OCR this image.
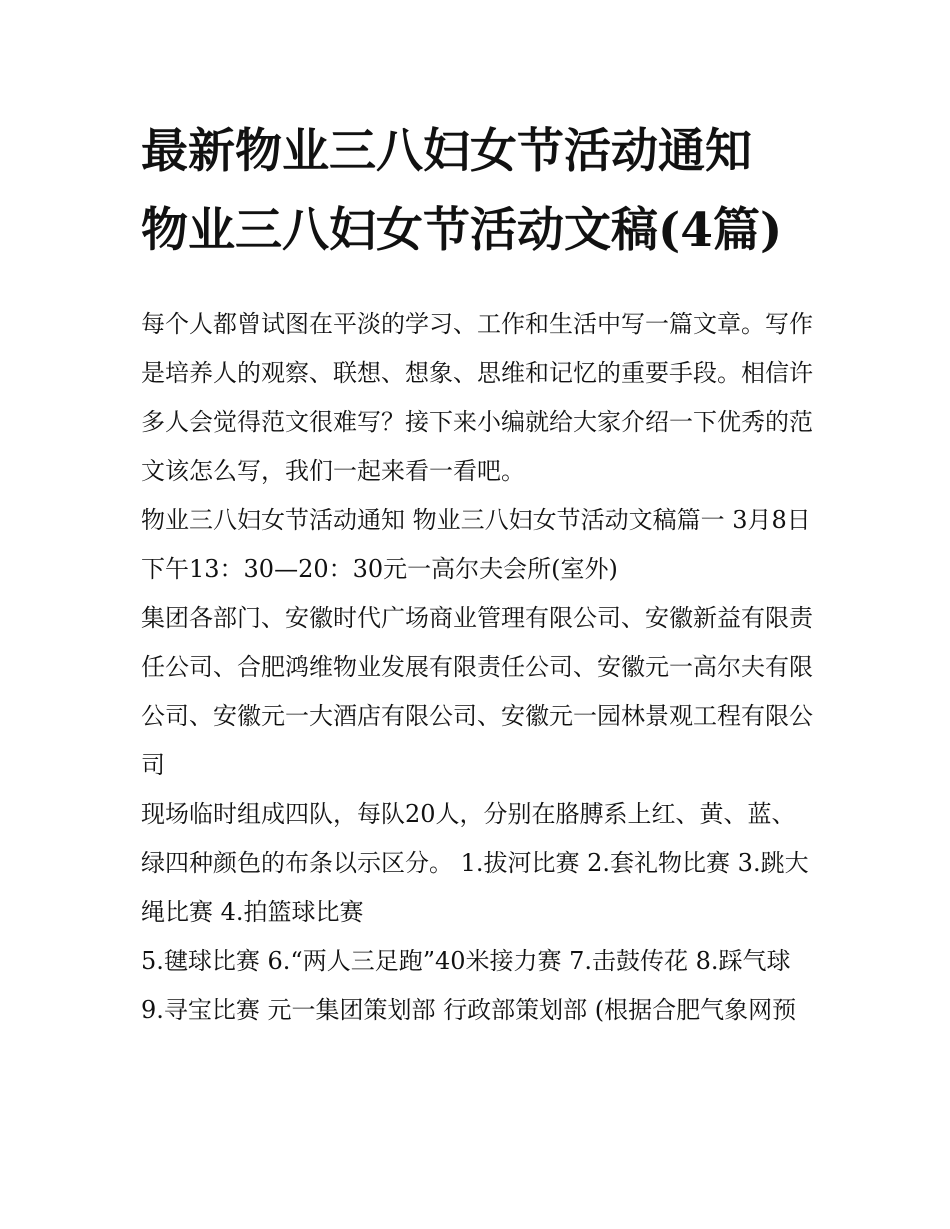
最新物业三八妇女节活动通知 物业三八妇女节活动文稿(4篇)

每个人都曾试图在平淡的学习、工作和生活中写一篇文章。写作是培养人的观察、联想、想象、思维和记忆的重要手段。相信许多人会觉得范文很难写？接下来小编就给大家介绍一下优秀的范文该怎么写，我们一起来看一看吧。

物业三八妇女节活动通知 物业三八妇女节活动文稿篇一 3月8日下午13：30—20：30元一高尔夫会所(室外)

集团各部门、安徽时代广场商业管理有限公司、安徽新益有限责任公司、合肥鸿维物业发展有限责任公司、安徽元一高尔夫有限公司、安徽元一大酒店有限公司、安徽元一园林景观工程有限公司

现场临时组成四队，每队20人，分别在胳膊系上红、黄、蓝、绿四种颜色的布条以示区分。 1.拔河比赛 2.套礼物比赛 3.跳大绳比赛 4.拍篮球比赛

5.毽球比赛 6.“两人三足跑”40米接力赛 7.击鼓传花 8.踩气球 9.寻宝比赛 元一集团策划部 行政部策划部 (根据合肥气象网预
